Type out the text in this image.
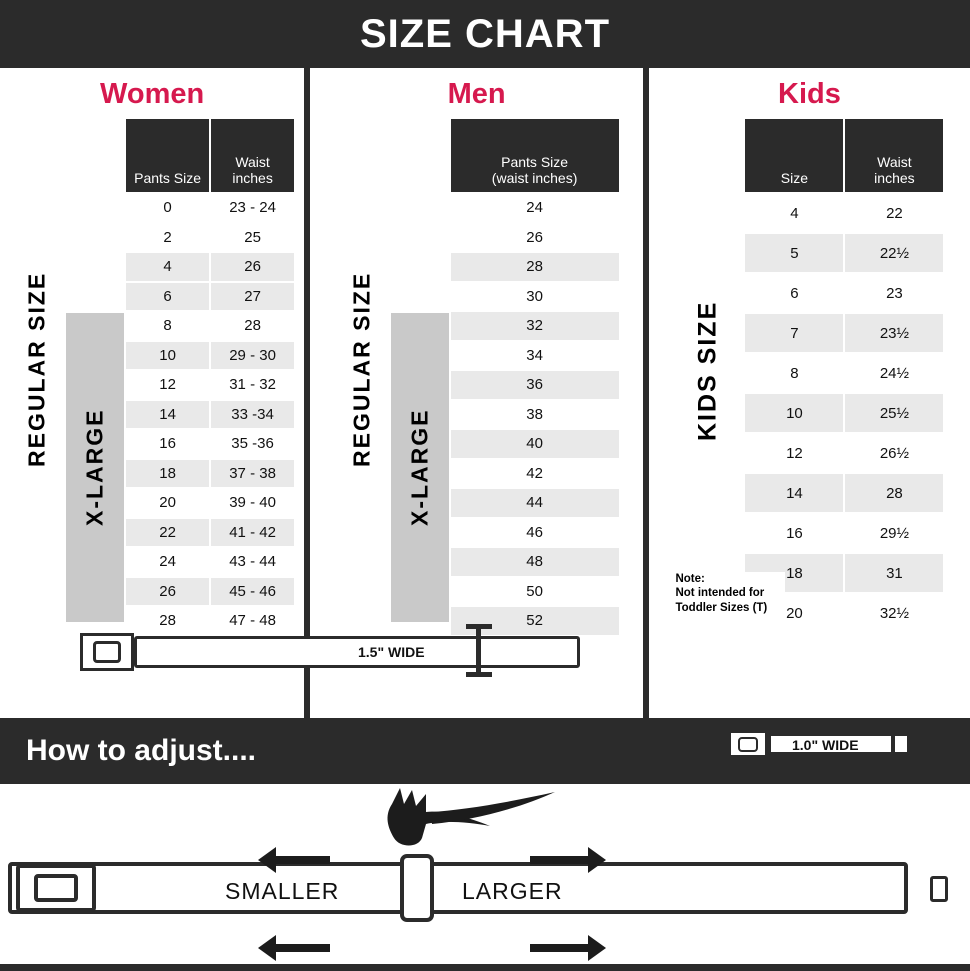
SIZE CHART
Women
REGULAR SIZE
X-LARGE
Pants Size	Waist
inches

0	23 - 24
2	25
4	26
6	27
8	28
10	29 - 30
12	31 - 32
14	33 -34
16	35 -36
18	37 - 38
20	39 - 40
22	41 - 42
24	43 - 44
26	45 - 46
28	47 - 48
Men
REGULAR SIZE
X-LARGE
Pants Size
(waist inches)

24
26
28
30
32
34
36
38
40
42
44
46
48
50
52
Kids
KIDS SIZE
Size	Waist
inches

4	22
5	22½
6	23
7	23½
8	24½
10	25½
12	26½
14	28
16	29½
18	31
20	32½
Note:
Not intended for
Toddler Sizes (T)
1.5" WIDE
1.0" WIDE
How to adjust....
SMALLER	LARGER
